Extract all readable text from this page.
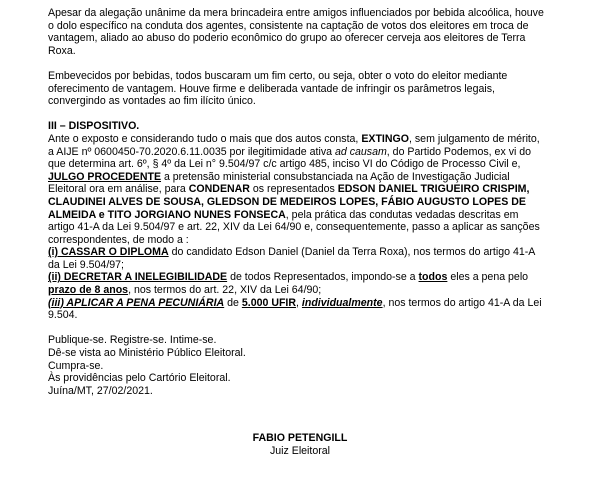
Apesar da alegação unânime da mera brincadeira entre amigos influenciados por bebida alcoólica, houve o dolo específico na conduta dos agentes, consistente na captação de votos dos eleitores em troca de vantagem, aliado ao abuso do poderio econômico do grupo ao oferecer cerveja aos eleitores de Terra Roxa.

Embevecidos por bebidas, todos buscaram um fim certo, ou seja, obter o voto do eleitor mediante oferecimento de vantagem. Houve firme e deliberada vantade de infringir os parâmetros legais, convergindo as vontades ao fim ilícito único.

III – DISPOSITIVO.

Ante o exposto e considerando tudo o mais que dos autos consta, EXTINGO, sem julgamento de mérito, a AIJE nº 0600450-70.2020.6.11.0035 por ilegitimidade ativa ad causam, do Partido Podemos, ex vi do que determina art. 6º, § 4º da Lei n° 9.504/97 c/c artigo 485, inciso VI do Código de Processo Civil e, JULGO PROCEDENTE a pretensão ministerial consubstanciada na Ação de Investigação Judicial Eleitoral ora em análise, para CONDENAR os representados EDSON DANIEL TRIGUEIRO CRISPIM, CLAUDINEI ALVES DE SOUSA, GLEDSON DE MEDEIROS LOPES, FÁBIO AUGUSTO LOPES DE ALMEIDA e TITO JORGIANO NUNES FONSECA, pela prática das condutas vedadas descritas em artigo 41-A da Lei 9.504/97 e art. 22, XIV da Lei 64/90 e, consequentemente, passo a aplicar as sanções correspondentes, de modo a :

(i) CASSAR O DIPLOMA do candidato Edson Daniel (Daniel da Terra Roxa), nos termos do artigo 41-A da Lei 9.504/97;

(ii) DECRETAR A INELEGIBILIDADE de todos Representados, impondo-se a todos eles a pena pelo prazo de 8 anos, nos termos do art. 22, XIV da Lei 64/90;

(iii) APLICAR A PENA PECUNIÁRIA de 5.000 UFIR, individualmente, nos termos do artigo 41-A da Lei 9.504.

Publique-se. Registre-se. Intime-se.

Dê-se vista ao Ministério Público Eleitoral.

Cumpra-se.

Às providências pelo Cartório Eleitoral.

Juína/MT, 27/02/2021.

FABIO PETENGILL
Juiz Eleitoral
